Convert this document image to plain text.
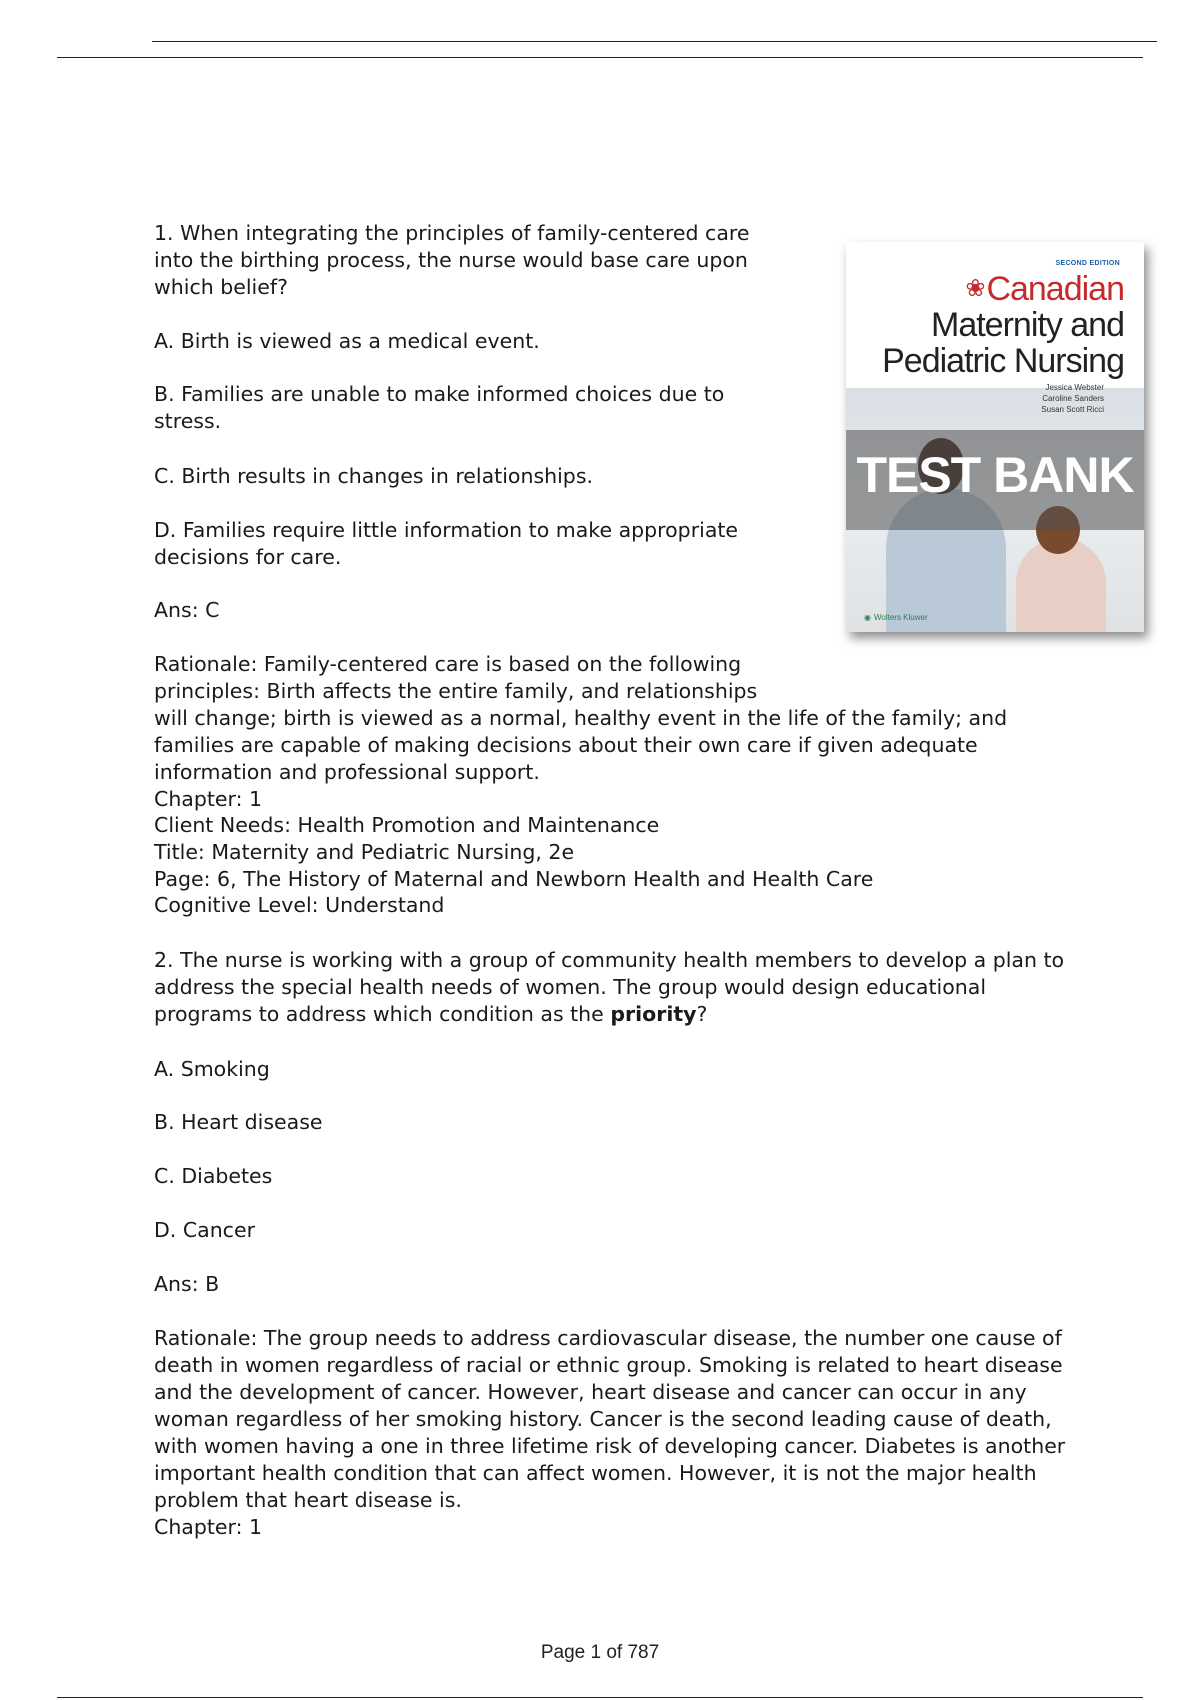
1. When integrating the principles of family-centered care
into the birthing process, the nurse would base care upon
which belief?

A. Birth is viewed as a medical event.

B. Families are unable to make informed choices due to
stress.

C. Birth results in changes in relationships.

D. Families require little information to make appropriate
decisions for care.

Ans: C

Rationale: Family-centered care is based on the following
principles: Birth affects the entire family, and relationships
will change; birth is viewed as a normal, healthy event in the life of the family; and
families are capable of making decisions about their own care if given adequate
information and professional support.

Chapter: 1

Client Needs: Health Promotion and Maintenance

Title: Maternity and Pediatric Nursing, 2e

Page: 6, The History of Maternal and Newborn Health and Health Care

Cognitive Level: Understand

2. The nurse is working with a group of community health members to develop a plan to
address the special health needs of women. The group would design educational
programs to address which condition as the priority?

A. Smoking

B. Heart disease

C. Diabetes

D. Cancer

Ans: B

Rationale: The group needs to address cardiovascular disease, the number one cause of
death in women regardless of racial or ethnic group. Smoking is related to heart disease
and the development of cancer. However, heart disease and cancer can occur in any
woman regardless of her smoking history. Cancer is the second leading cause of death,
with women having a one in three lifetime risk of developing cancer. Diabetes is another
important health condition that can affect women. However, it is not the major health
problem that heart disease is.

Chapter: 1

SECOND EDITION
❀Canadian
Maternity and
Pediatric Nursing
TEST BANK
◉ Wolters Kluwer
Jessica Webster
Caroline Sanders
Susan Scott Ricci
Page 1 of 787
